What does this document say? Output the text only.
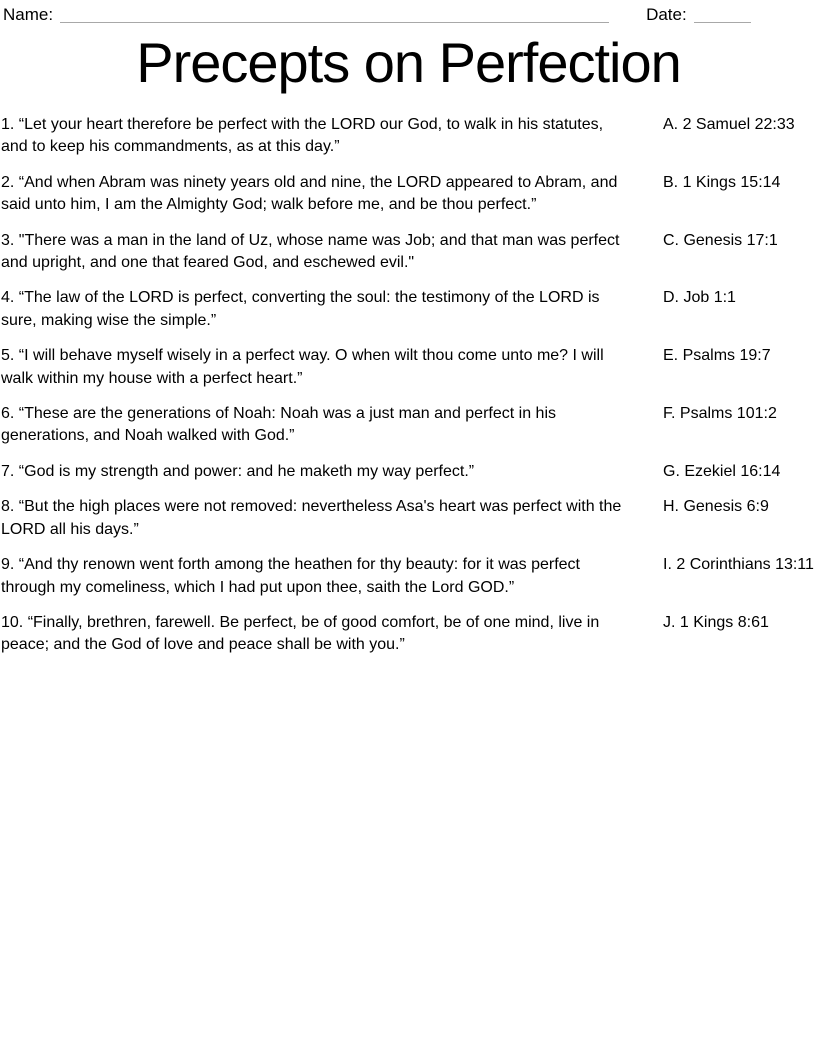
Name:	Date:
Precepts on Perfection
1. “Let your heart therefore be perfect with the LORD our God, to walk in his statutes, and to keep his commandments, as at this day.”
A. 2 Samuel 22:33
2. “And when Abram was ninety years old and nine, the LORD appeared to Abram, and said unto him, I am the Almighty God; walk before me, and be thou perfect.”
B. 1 Kings 15:14
3. "There was a man in the land of Uz, whose name was Job; and that man was perfect and upright, and one that feared God, and eschewed evil."
C. Genesis 17:1
4. “The law of the LORD is perfect, converting the soul: the testimony of the LORD is sure, making wise the simple.”
D. Job 1:1
5. “I will behave myself wisely in a perfect way. O when wilt thou come unto me? I will walk within my house with a perfect heart.”
E. Psalms 19:7
6. “These are the generations of Noah: Noah was a just man and perfect in his generations, and Noah walked with God.”
F. Psalms 101:2
7. “God is my strength and power: and he maketh my way perfect.”	G. Ezekiel 16:14
8. “But the high places were not removed: nevertheless Asa's heart was perfect with the LORD all his days.”
H. Genesis 6:9
9. “And thy renown went forth among the heathen for thy beauty: for it was perfect through my comeliness, which I had put upon thee, saith the Lord GOD.”
I. 2 Corinthians 13:11
10. “Finally, brethren, farewell. Be perfect, be of good comfort, be of one mind, live in peace; and the God of love and peace shall be with you.”
J. 1 Kings 8:61
